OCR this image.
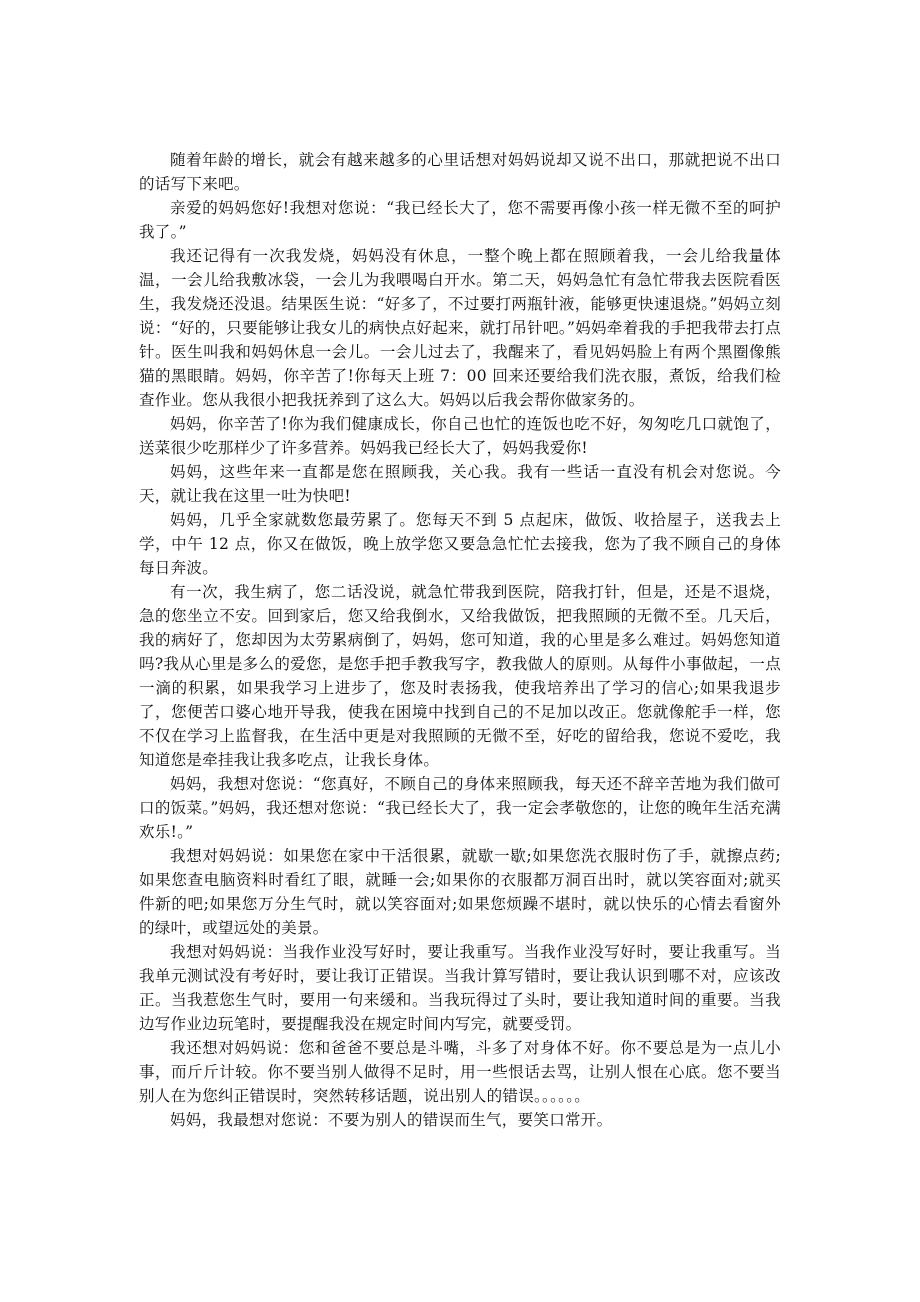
随着年龄的增长，就会有越来越多的心里话想对妈妈说却又说不出口，那就把说不出口的话写下来吧。

亲爱的妈妈您好!我想对您说：“我已经长大了，您不需要再像小孩一样无微不至的呵护我了。”

我还记得有一次我发烧，妈妈没有休息，一整个晚上都在照顾着我，一会儿给我量体温，一会儿给我敷冰袋，一会儿为我喂喝白开水。第二天，妈妈急忙有急忙带我去医院看医生，我发烧还没退。结果医生说：“好多了，不过要打两瓶针液，能够更快速退烧。”妈妈立刻说：“好的，只要能够让我女儿的病快点好起来，就打吊针吧。”妈妈牵着我的手把我带去打点针。医生叫我和妈妈休息一会儿。一会儿过去了，我醒来了，看见妈妈脸上有两个黑圈像熊猫的黑眼睛。妈妈，你辛苦了!你每天上班 7：00 回来还要给我们洗衣服，煮饭，给我们检查作业。您从我很小把我抚养到了这么大。妈妈以后我会帮你做家务的。

妈妈，你辛苦了!你为我们健康成长，你自己也忙的连饭也吃不好，匆匆吃几口就饱了，送菜很少吃那样少了许多营养。妈妈我已经长大了，妈妈我爱你!

妈妈，这些年来一直都是您在照顾我，关心我。我有一些话一直没有机会对您说。今天，就让我在这里一吐为快吧!

妈妈，几乎全家就数您最劳累了。您每天不到 5 点起床，做饭、收拾屋子，送我去上学，中午 12 点，你又在做饭，晚上放学您又要急急忙忙去接我，您为了我不顾自己的身体每日奔波。

有一次，我生病了，您二话没说，就急忙带我到医院，陪我打针，但是，还是不退烧，急的您坐立不安。回到家后，您又给我倒水，又给我做饭，把我照顾的无微不至。几天后，我的病好了，您却因为太劳累病倒了，妈妈，您可知道，我的心里是多么难过。妈妈您知道吗?我从心里是多么的爱您，是您手把手教我写字，教我做人的原则。从每件小事做起，一点一滴的积累，如果我学习上进步了，您及时表扬我，使我培养出了学习的信心;如果我退步了，您便苦口婆心地开导我，使我在困境中找到自己的不足加以改正。您就像舵手一样，您不仅在学习上监督我，在生活中更是对我照顾的无微不至，好吃的留给我，您说不爱吃，我知道您是牵挂我让我多吃点，让我长身体。

妈妈，我想对您说：“您真好，不顾自己的身体来照顾我，每天还不辞辛苦地为我们做可口的饭菜。”妈妈，我还想对您说：“我已经长大了，我一定会孝敬您的，让您的晚年生活充满欢乐!。”

我想对妈妈说：如果您在家中干活很累，就歇一歇;如果您洗衣服时伤了手，就擦点药;如果您查电脑资料时看红了眼，就睡一会;如果你的衣服都万洞百出时，就以笑容面对;就买件新的吧;如果您万分生气时，就以笑容面对;如果您烦躁不堪时，就以快乐的心情去看窗外的绿叶，或望远处的美景。

我想对妈妈说：当我作业没写好时，要让我重写。当我作业没写好时，要让我重写。当我单元测试没有考好时，要让我订正错误。当我计算写错时，要让我认识到哪不对，应该改正。当我惹您生气时，要用一句来缓和。当我玩得过了头时，要让我知道时间的重要。当我边写作业边玩笔时，要提醒我没在规定时间内写完，就要受罚。

我还想对妈妈说：您和爸爸不要总是斗嘴，斗多了对身体不好。你不要总是为一点儿小事，而斤斤计较。你不要当别人做得不足时，用一些恨话去骂，让别人恨在心底。您不要当别人在为您纠正错误时，突然转移话题，说出别人的错误。。。。。。

妈妈，我最想对您说：不要为别人的错误而生气，要笑口常开。
